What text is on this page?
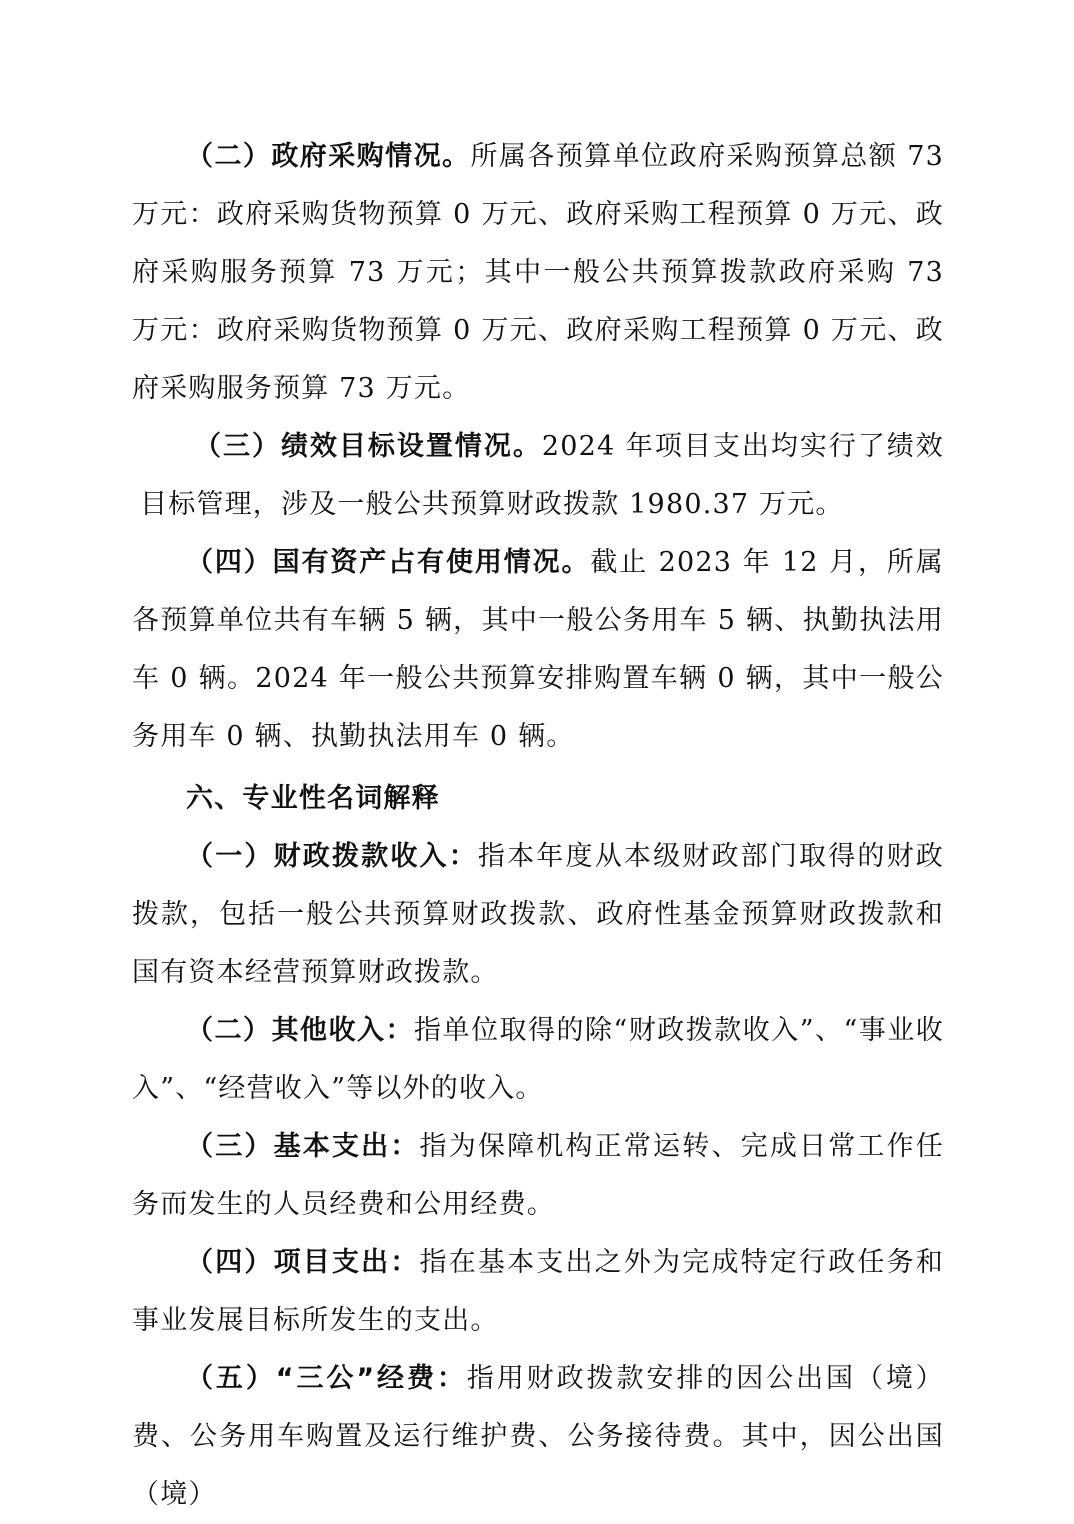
（二）政府采购情况。所属各预算单位政府采购预算总额 73 万元：政府采购货物预算 0 万元、政府采购工程预算 0 万元、政府采购服务预算 73 万元；其中一般公共预算拨款政府采购 73 万元：政府采购货物预算 0 万元、政府采购工程预算 0 万元、政府采购服务预算 73 万元。

（三）绩效目标设置情况。2024 年项目支出均实行了绩效目标管理，涉及一般公共预算财政拨款 1980.37 万元。

（四）国有资产占有使用情况。截止 2023 年 12 月，所属各预算单位共有车辆 5 辆，其中一般公务用车 5 辆、执勤执法用车 0 辆。2024 年一般公共预算安排购置车辆 0 辆，其中一般公务用车 0 辆、执勤执法用车 0 辆。

六、专业性名词解释

（一）财政拨款收入：指本年度从本级财政部门取得的财政拨款，包括一般公共预算财政拨款、政府性基金预算财政拨款和国有资本经营预算财政拨款。

（二）其他收入：指单位取得的除“财政拨款收入”、“事业收入”、“经营收入”等以外的收入。

（三）基本支出：指为保障机构正常运转、完成日常工作任务而发生的人员经费和公用经费。

（四）项目支出：指在基本支出之外为完成特定行政任务和事业发展目标所发生的支出。

（五）“三公”经费：指用财政拨款安排的因公出国（境）费、公务用车购置及运行维护费、公务接待费。其中，因公出国（境）
